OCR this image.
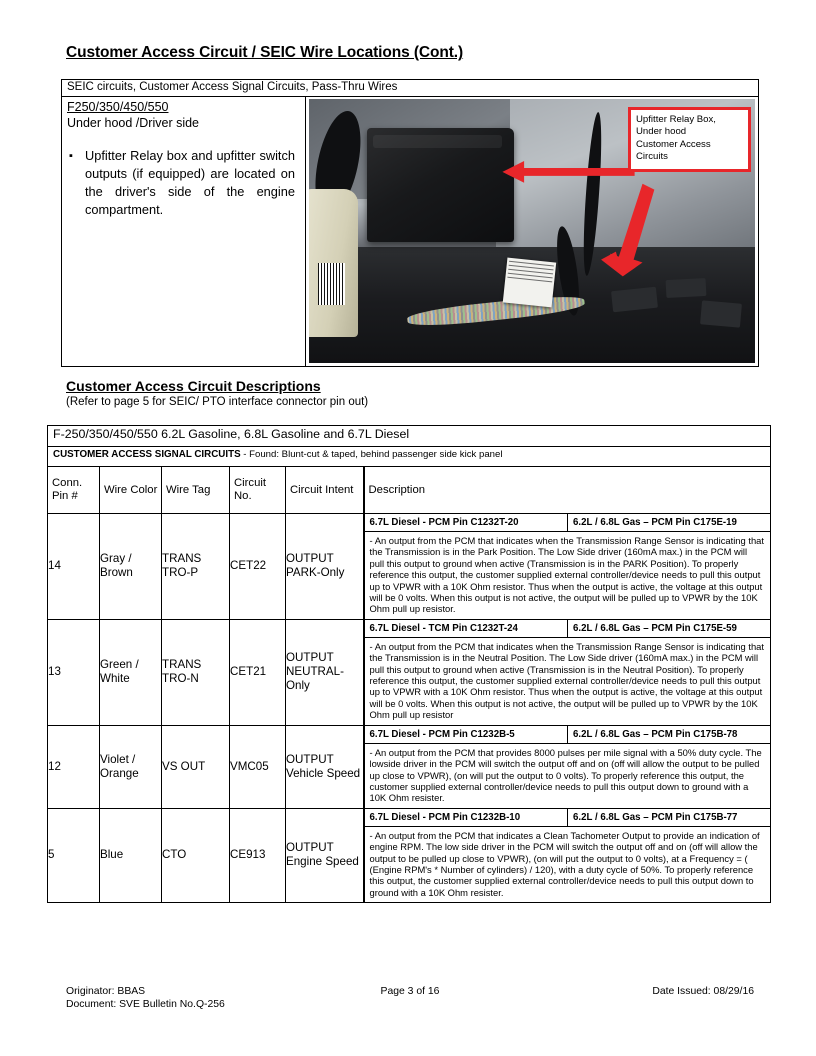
Customer Access Circuit / SEIC Wire Locations (Cont.)
SEIC circuits, Customer Access Signal Circuits, Pass-Thru Wires
F250/350/450/550
Under hood /Driver side
▪ Upfitter Relay box and upfitter switch outputs (if equipped) are located on the driver's side of the engine compartment.
Upfitter Relay Box,
Under hood
Customer Access
Circuits
Customer Access Circuit Descriptions
(Refer to page 5 for SEIC/ PTO interface connector pin out)
F-250/350/450/550 6.2L Gasoline, 6.8L Gasoline and 6.7L Diesel					
CUSTOMER ACCESS SIGNAL CIRCUITS - Found: Blunt-cut & taped, behind passenger side kick panel					
Conn. Pin #	Wire Color	Wire Tag	Circuit No.	Circuit Intent	Description
14	Gray / Brown	TRANS TRO-P	CET22	OUTPUT PARK-Only	6.7L Diesel - PCM Pin C1232T-20 6.2L / 6.8L Gas – PCM Pin C175E-19
- An output from the PCM that indicates when the Transmission Range Sensor is indicating that the Transmission is in the Park Position. The Low Side driver (160mA max.) in the PCM will pull this output to ground when active (Transmission is in the PARK Position). To properly reference this output, the customer supplied external controller/device needs to pull this output up to VPWR with a 10K Ohm resistor. Thus when the output is active, the voltage at this output will be 0 volts. When this output is not active, the output will be pulled up to VPWR by the 10K Ohm pull up resistor.

13	Green / White	TRANS TRO-N	CET21	OUTPUT NEUTRAL-Only	6.7L Diesel - TCM Pin C1232T-24 6.2L / 6.8L Gas – PCM Pin C175E-59
- An output from the PCM that indicates when the Transmission Range Sensor is indicating that the Transmission is in the Neutral Position. The Low Side driver (160mA max.) in the PCM will pull this output to ground when active (Transmission is in the Neutral Position). To properly reference this output, the customer supplied external controller/device needs to pull this output up to VPWR with a 10K Ohm resistor. Thus when the output is active, the voltage at this output will be 0 volts. When this output is not active, the output will be pulled up to VPWR by the 10K Ohm pull up resistor

12	Violet / Orange	VS OUT	VMC05	OUTPUT Vehicle Speed	6.7L Diesel - PCM Pin C1232B-5 6.2L / 6.8L Gas – PCM Pin C175B-78
- An output from the PCM that provides 8000 pulses per mile signal with a 50% duty cycle. The lowside driver in the PCM will switch the output off and on (off will allow the output to be pulled up close to VPWR), (on will put the output to 0 volts). To properly reference this output, the customer supplied external controller/device needs to pull this output down to ground with a 10K Ohm resister.

5	Blue	CTO	CE913	OUTPUT Engine Speed	6.7L Diesel - PCM Pin C1232B-10 6.2L / 6.8L Gas – PCM Pin C175B-77
- An output from the PCM that indicates a Clean Tachometer Output to provide an indication of engine RPM. The low side driver in the PCM will switch the output off and on (off will allow the output to be pulled up close to VPWR), (on will put the output to 0 volts), at a Frequency = ( (Engine RPM's * Number of cylinders) / 120), with a duty cycle of 50%. To properly reference this output, the customer supplied external controller/device needs to pull this output down to ground with a 10K Ohm resister.
Originator: BBAS	Page 3 of 16	Date Issued: 08/29/16
Document: SVE Bulletin No.Q-256
